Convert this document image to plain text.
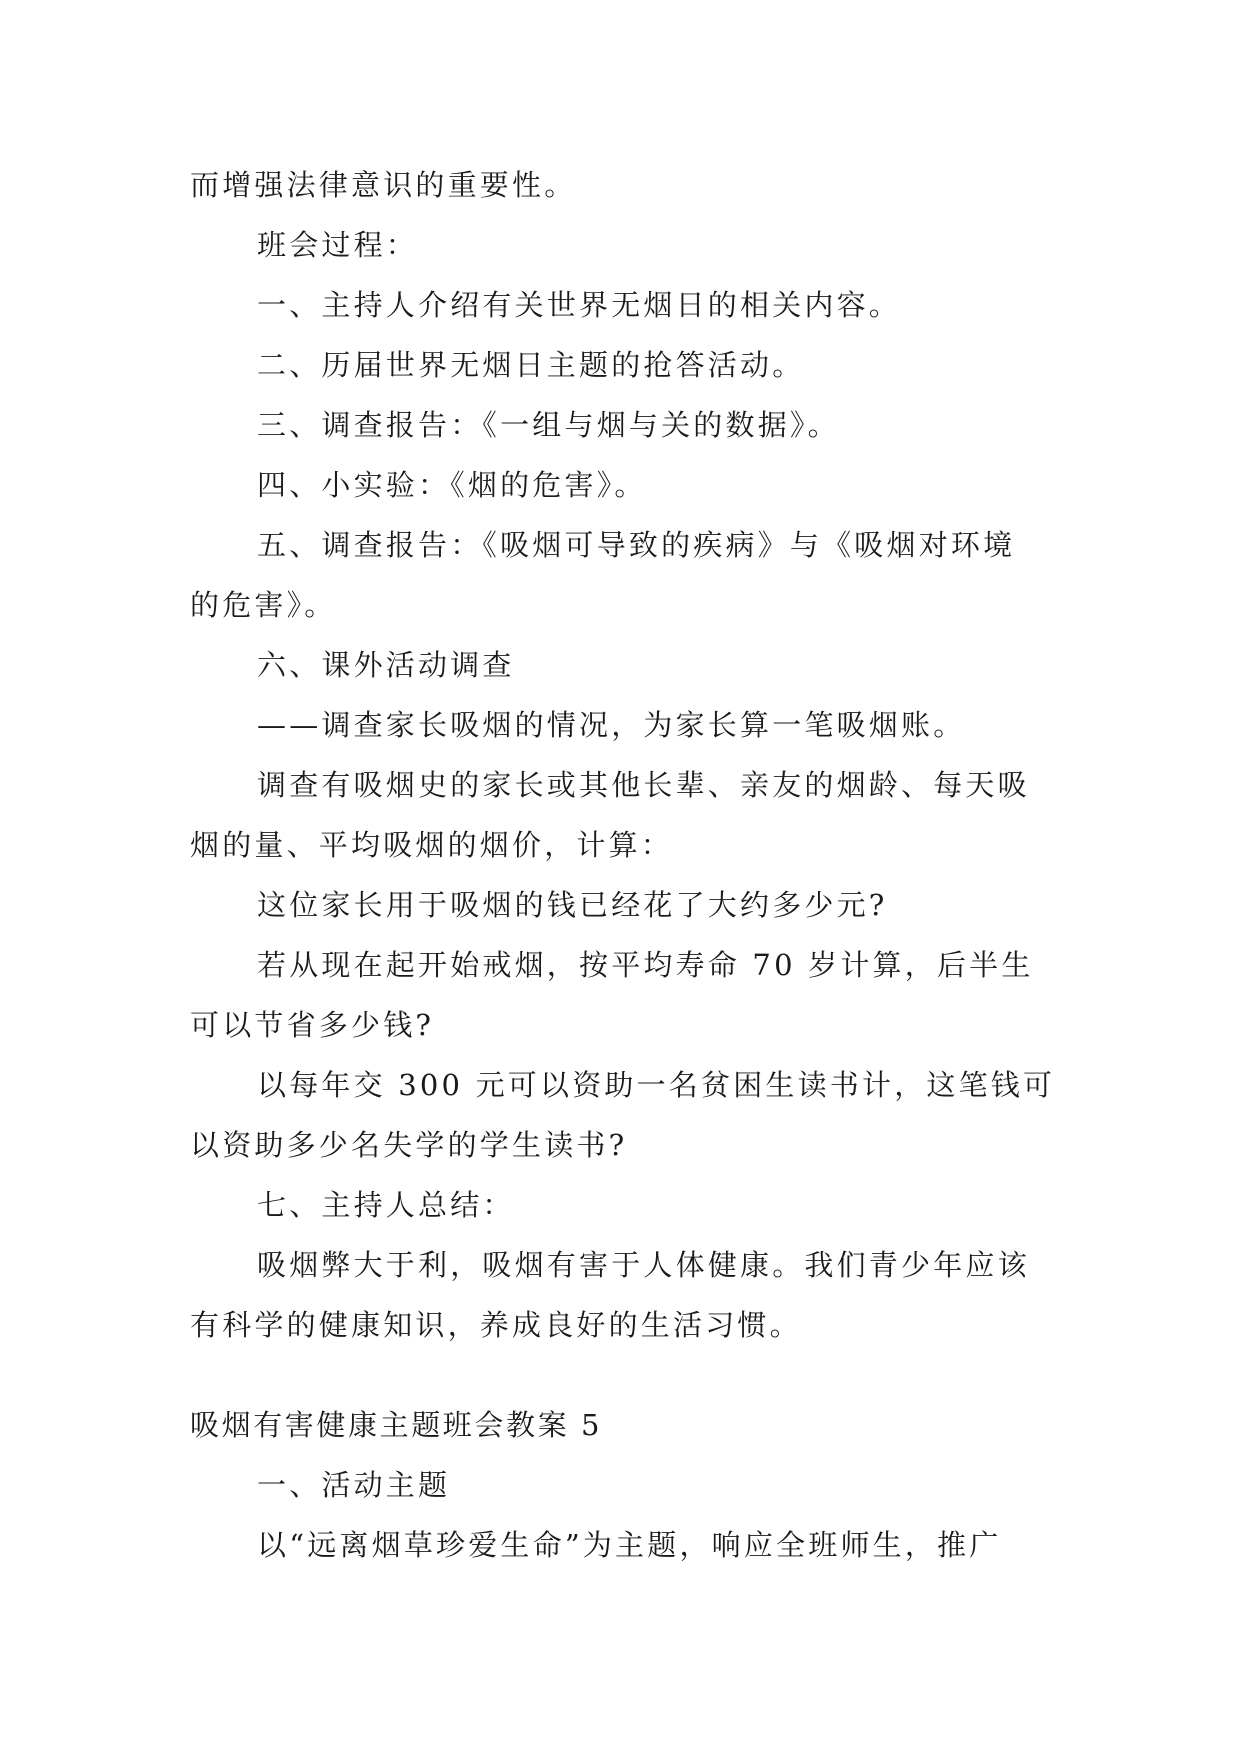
而增强法律意识的重要性。
班会过程：
一、主持人介绍有关世界无烟日的相关内容。
二、历届世界无烟日主题的抢答活动。
三、调查报告：《一组与烟与关的数据》。
四、小实验：《烟的危害》。
五、调查报告：《吸烟可导致的疾病》与《吸烟对环境
的危害》。
六、课外活动调查
——调查家长吸烟的情况，为家长算一笔吸烟账。
调查有吸烟史的家长或其他长辈、亲友的烟龄、每天吸
烟的量、平均吸烟的烟价，计算：
这位家长用于吸烟的钱已经花了大约多少元?
若从现在起开始戒烟，按平均寿命 70 岁计算，后半生
可以节省多少钱?
以每年交 300 元可以资助一名贫困生读书计，这笔钱可
以资助多少名失学的学生读书?
七、主持人总结：
吸烟弊大于利，吸烟有害于人体健康。我们青少年应该
有科学的健康知识，养成良好的生活习惯。
吸烟有害健康主题班会教案 5
一、活动主题
以“远离烟草珍爱生命”为主题，响应全班师生，推广
